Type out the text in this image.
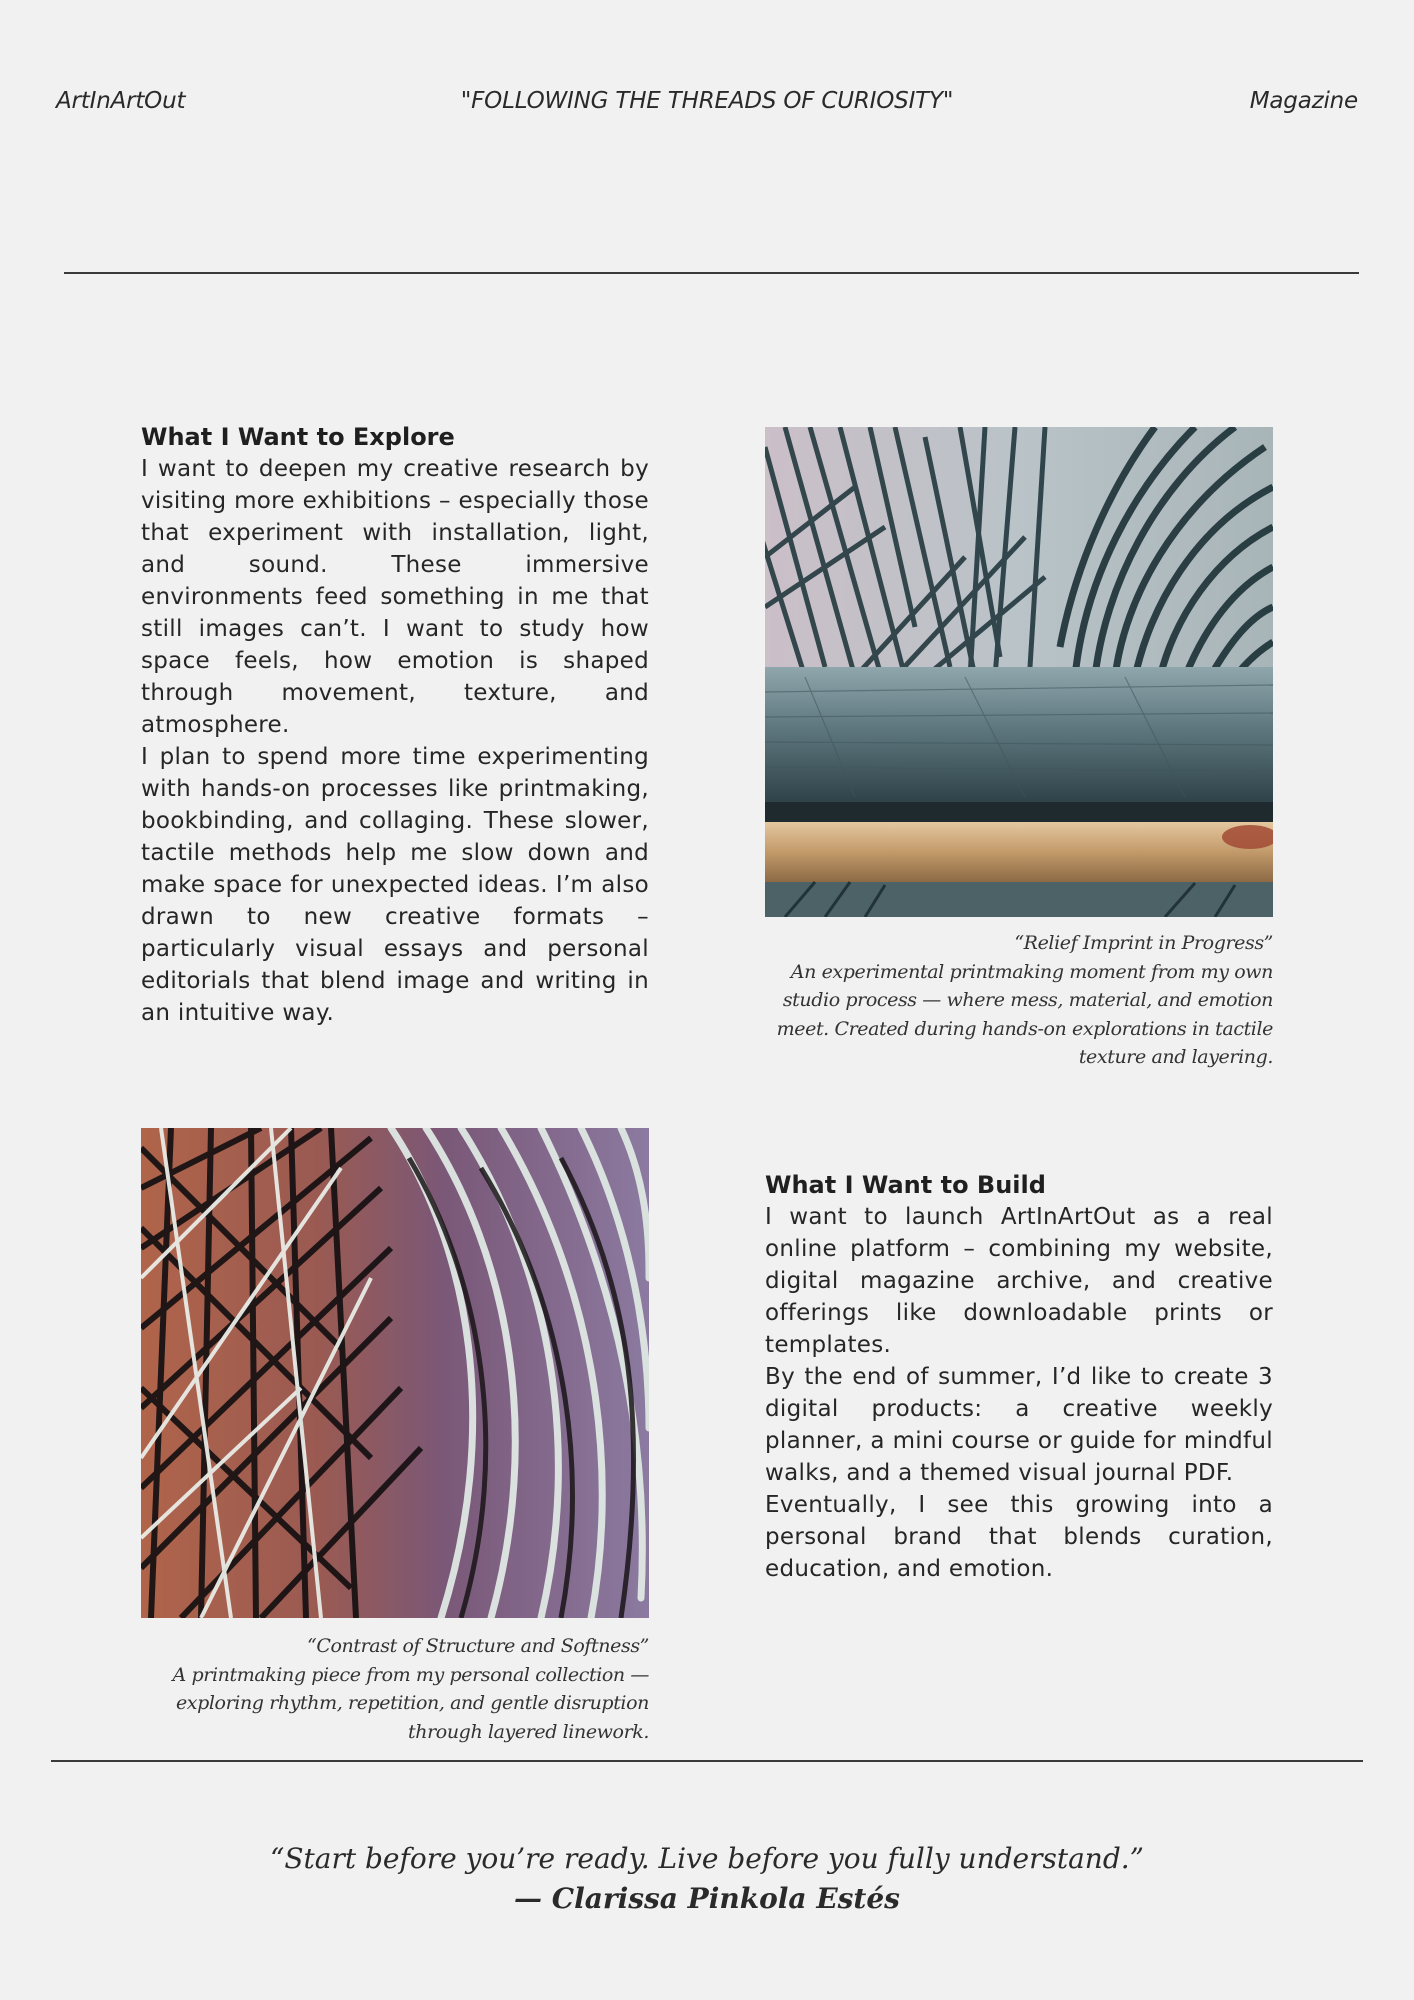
ArtInArtOut	"FOLLOWING THE THREADS OF CURIOSITY"	Magazine
What I Want to Explore

I want to deepen my creative research by visiting more exhibitions – especially those that experiment with installation, light, and sound. These immersive environments feed something in me that still images can’t. I want to study how space feels, how emotion is shaped through movement, texture, and atmosphere.

I plan to spend more time experimenting with hands-on processes like printmaking, bookbinding, and collaging. These slower, tactile methods help me slow down and make space for unexpected ideas. I’m also drawn to new creative formats – particularly visual essays and personal editorials that blend image and writing in an intuitive way.

“Relief Imprint in Progress”
An experimental printmaking moment from my own studio process — where mess, material, and emotion meet. Created during hands-on explorations in tactile texture and layering.
“Contrast of Structure and Softness”
A printmaking piece from my personal collection — exploring rhythm, repetition, and gentle disruption through layered linework.
What I Want to Build

I want to launch ArtInArtOut as a real online platform – combining my website, digital magazine archive, and creative offerings like downloadable prints or templates.

By the end of summer, I’d like to create 3 digital products: a creative weekly planner, a mini course or guide for mindful walks, and a themed visual journal PDF.

Eventually, I see this growing into a personal brand that blends curation, education, and emotion.

“Start before you’re ready. Live before you fully understand.”
— Clarissa Pinkola Estés
